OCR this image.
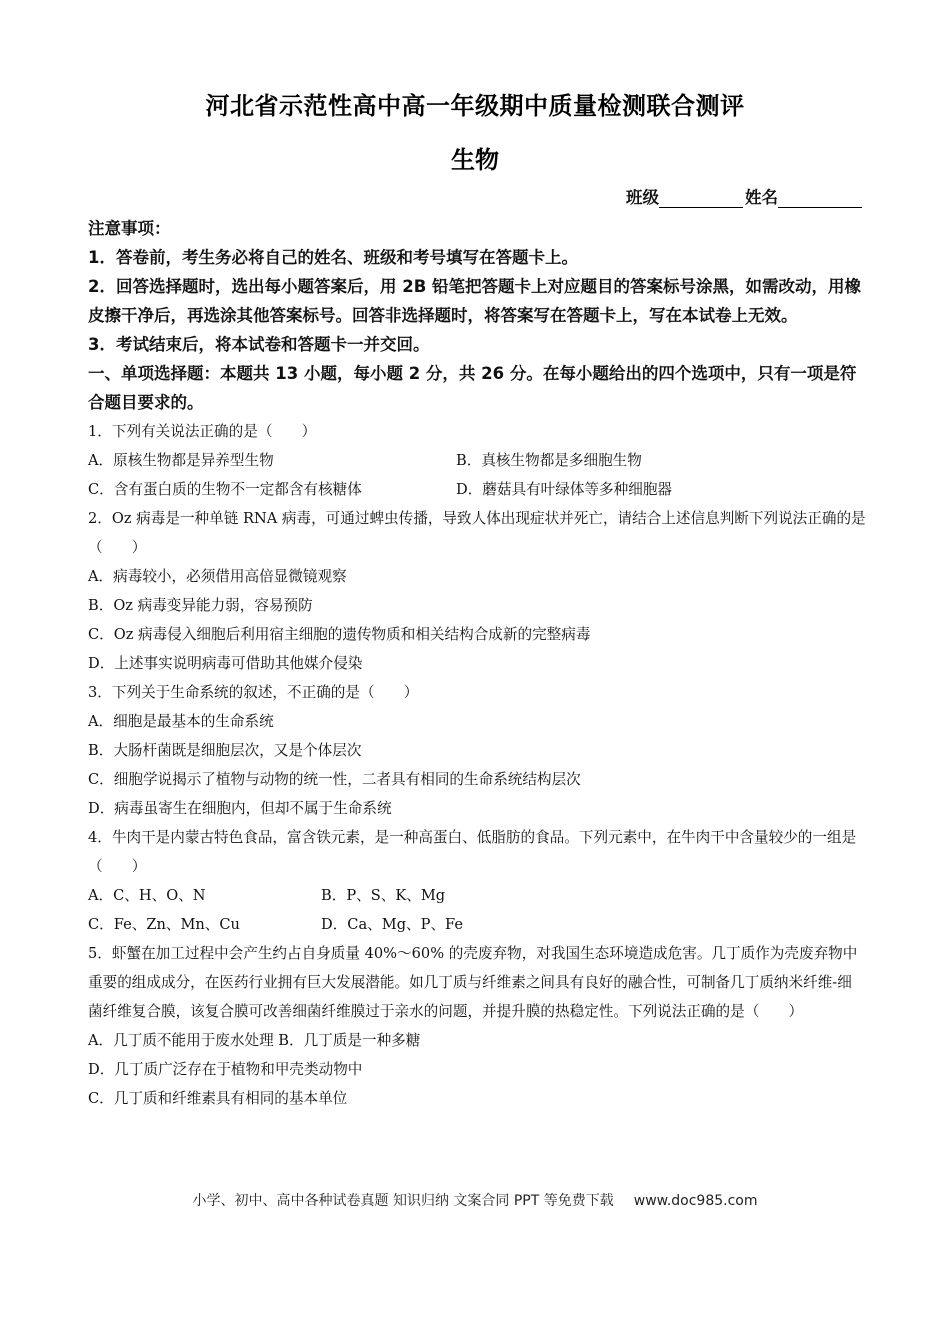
河北省示范性高中高一年级期中质量检测联合测评
生物
班级	姓名
注意事项：
1．答卷前，考生务必将自己的姓名、班级和考号填写在答题卡上。
2．回答选择题时，选出每小题答案后，用 2B 铅笔把答题卡上对应题目的答案标号涂黑，如需改动，用橡皮擦干净后，再选涂其他答案标号。回答非选择题时，将答案写在答题卡上，写在本试卷上无效。
3．考试结束后，将本试卷和答题卡一并交回。
一、单项选择题：本题共 13 小题，每小题 2 分，共 26 分。在每小题给出的四个选项中，只有一项是符合题目要求的。
1．下列有关说法正确的是（　　）
A．原核生物都是异养型生物	B．真核生物都是多细胞生物
C．含有蛋白质的生物不一定都含有核糖体	D．蘑菇具有叶绿体等多种细胞器
2．Oz 病毒是一种单链 RNA 病毒，可通过蜱虫传播，导致人体出现症状并死亡，请结合上述信息判断下列说法正确的是（　　）
A．病毒较小，必须借用高倍显微镜观察
B．Oz 病毒变异能力弱，容易预防
C．Oz 病毒侵入细胞后利用宿主细胞的遗传物质和相关结构合成新的完整病毒
D．上述事实说明病毒可借助其他媒介侵染
3．下列关于生命系统的叙述，不正确的是（　　）
A．细胞是最基本的生命系统
B．大肠杆菌既是细胞层次，又是个体层次
C．细胞学说揭示了植物与动物的统一性，二者具有相同的生命系统结构层次
D．病毒虽寄生在细胞内，但却不属于生命系统
4．牛肉干是内蒙古特色食品，富含铁元素，是一种高蛋白、低脂肪的食品。下列元素中，在牛肉干中含量较少的一组是（　　）
A．C、H、O、N	B．P、S、K、Mg
C．Fe、Zn、Mn、Cu	D．Ca、Mg、P、Fe
5．虾蟹在加工过程中会产生约占自身质量 40%～60% 的壳废弃物，对我国生态环境造成危害。几丁质作为壳废弃物中重要的组成成分，在医药行业拥有巨大发展潜能。如几丁质与纤维素之间具有良好的融合性，可制备几丁质纳米纤维-细菌纤维复合膜，该复合膜可改善细菌纤维膜过于亲水的问题，并提升膜的热稳定性。下列说法正确的是（　　）
A．几丁质不能用于废水处理 B．几丁质是一种多糖
D．几丁质广泛存在于植物和甲壳类动物中
C．几丁质和纤维素具有相同的基本单位
小学、初中、高中各种试卷真题 知识归纳 文案合同 PPT 等免费下载 www.doc985.com
